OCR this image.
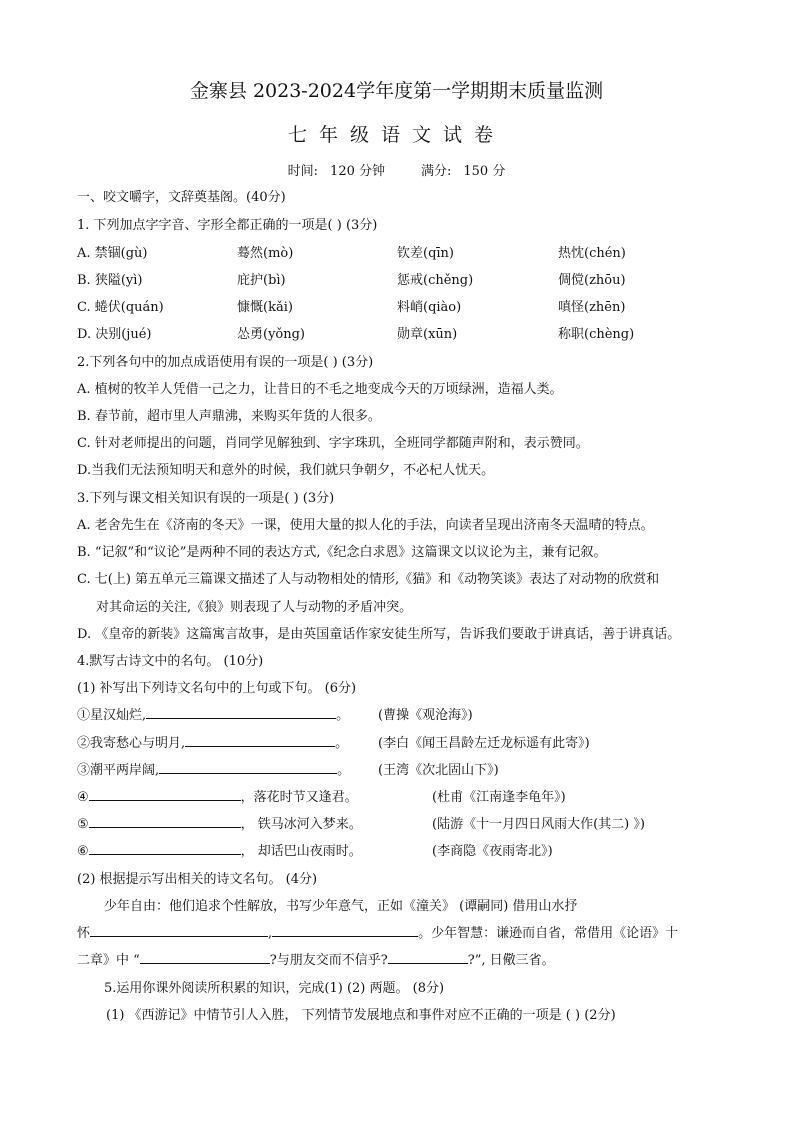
金寨县 2023-2024学年度第一学期期末质量监测
七年级语文试卷
时间: 120 分钟	满分: 150 分
一、咬文嚼字，文辞奠基阁。(40分)
1. 下列加点字字音、字形全都正确的一项是( ) (3分)
A. 禁锢(gù)	蓦然(mò)	钦差(qīn)	热忱(chén)
B. 狭隘(yì)	庇护(bì)	惩戒(chěng)	倜傥(zhōu)
C. 蜷伏(quán)	慷慨(kǎi)	料峭(qiào)	嗔怪(zhēn)
D. 决别(jué)	怂勇(yǒng)	勋章(xūn)	称职(chèng)
2.下列各句中的加点成语使用有误的一项是( ) (3分)
A. 植树的牧羊人凭借一己之力，让昔日的不毛之地变成今天的万顷绿洲，造福人类。
B. 春节前，超市里人声鼎沸，来购买年货的人很多。
C. 针对老师提出的问题，肖同学见解独到、字字珠玑，全班同学都随声附和，表示赞同。
D.当我们无法预知明天和意外的时候，我们就只争朝夕，不必杞人忧天。
3.下列与课文相关知识有误的一项是( ) (3分)
A. 老舍先生在《济南的冬天》一课，使用大量的拟人化的手法，向读者呈现出济南冬天温晴的特点。
B. “记叙”和“议论”是两种不同的表达方式,《纪念白求恩》这篇课文以议论为主，兼有记叙。
C. 七(上) 第五单元三篇课文描述了人与动物相处的情形,《猫》和《动物笑谈》表达了对动物的欣赏和
对其命运的关注,《狼》则表现了人与动物的矛盾冲突。
D. 《皇帝的新装》这篇寓言故事，是由英国童话作家安徒生所写，告诉我们要敢于讲真话，善于讲真话。
4.默写古诗文中的名句。 (10分)
(1) 补写出下列诗文名句中的上句或下句。 (6分)
①星汉灿烂,	。 (曹操《观沧海》)
②我寄愁心与明月,	。 (李白《闻王昌龄左迁龙标遥有此寄》)
③潮平两岸阔,	。 (王湾《次北固山下》)
④	，落花时节又逢君。	(杜甫《江南逢李龟年》)
⑤	， 铁马冰河入梦来。	(陆游《十一月四日风雨大作(其二) 》)
⑥	， 却话巴山夜雨时。	(李商隐《夜雨寄北》)
(2) 根据提示写出相关的诗文名句。 (4分)
少年自由：他们追求个性解放，书写少年意气，正如《潼关》 (谭嗣同) 借用山水抒
怀	,	。少年智慧：谦逊而自省，常借用《论语》十
二章》中 “	?与朋友交而不信乎?	?”, 日儆三省。
5.运用你课外阅读所积累的知识，完成(1) (2) 两题。 (8分)
(1) 《西游记》中情节引人入胜， 下列情节发展地点和事件对应不正确的一项是 ( ) (2分)
